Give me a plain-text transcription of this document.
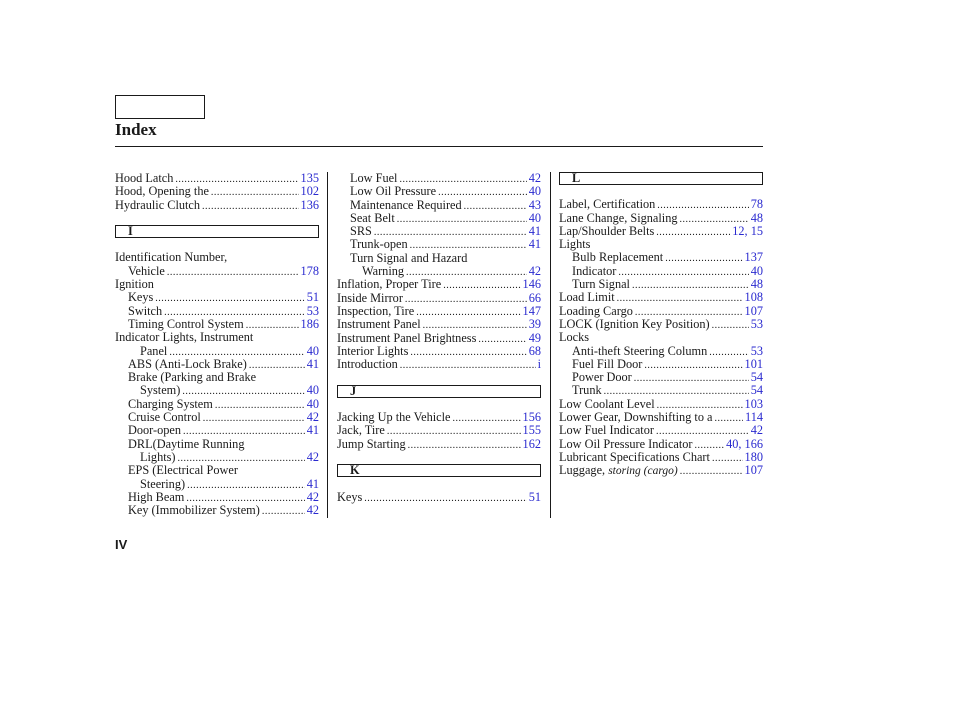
Index
Hood Latch .....	135
Hood, Opening the .....	102
Hydraulic Clutch .....	136
I
Identification Number,
Vehicle .....	178
Ignition
Keys .....	51
Switch .....	53
Timing Control System .....	186
Indicator Lights, Instrument
Panel .....	40
ABS (Anti-Lock Brake) .....	41
Brake (Parking and Brake
System) .....	40
Charging System .....	40
Cruise Control .....	42
Door-open .....	41
DRL(Daytime Running
Lights) .....	42
EPS (Electrical Power
Steering) .....	41
High Beam .....	42
Key (Immobilizer System) .....	42
Low Fuel .....	42
Low Oil Pressure .....	40
Maintenance Required .....	43
Seat Belt .....	40
SRS .....	41
Trunk-open .....	41
Turn Signal and Hazard
Warning .....	42
Inflation, Proper Tire .....	146
Inside Mirror .....	66
Inspection, Tire .....	147
Instrument Panel .....	39
Instrument Panel Brightness .....	49
Interior Lights .....	68
Introduction .....	i
J
Jacking Up the Vehicle .....	156
Jack, Tire .....	155
Jump Starting .....	162
K
Keys .....	51
L
Label, Certification .....	78
Lane Change, Signaling .....	48
Lap/Shoulder Belts .....	12, 15
Lights
Bulb Replacement .....	137
Indicator .....	40
Turn Signal .....	48
Load Limit .....	108
Loading Cargo .....	107
LOCK (Ignition Key Position) .....	53
Locks
Anti-theft Steering Column .....	53
Fuel Fill Door .....	101
Power Door .....	54
Trunk .....	54
Low Coolant Level .....	103
Lower Gear, Downshifting to a .....	114
Low Fuel Indicator .....	42
Low Oil Pressure Indicator .....	40, 166
Lubricant Specifications Chart .....	180
Luggage, storing (cargo) .....	107
IV
